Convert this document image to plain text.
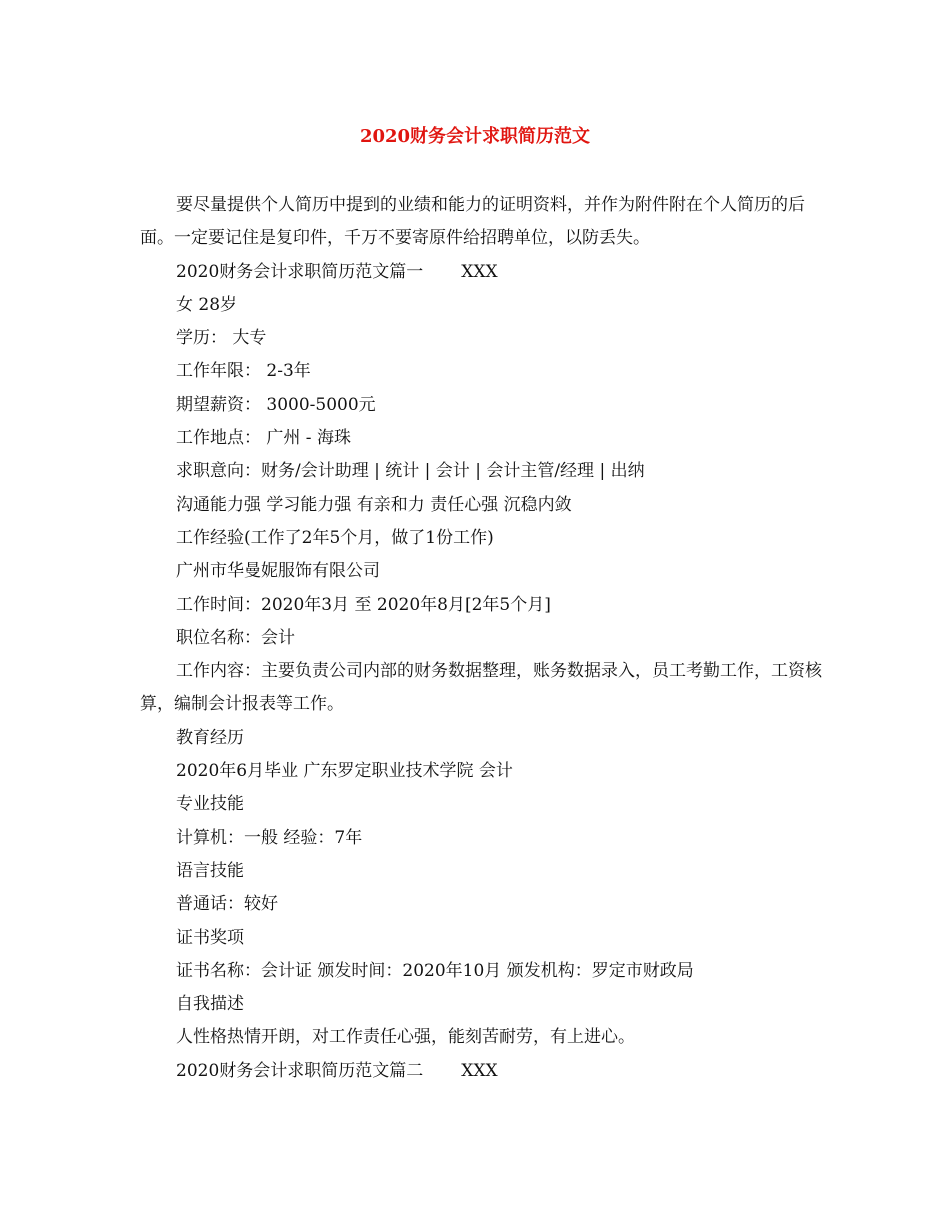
2020财务会计求职简历范文
要尽量提供个人简历中提到的业绩和能力的证明资料，并作为附件附在个人简历的后面。一定要记住是复印件，千万不要寄原件给招聘单位，以防丢失。
2020财务会计求职简历范文篇一 XXX
女 28岁
学历： 大专
工作年限： 2-3年
期望薪资： 3000-5000元
工作地点： 广州 - 海珠
求职意向：财务/会计助理 | 统计 | 会计 | 会计主管/经理 | 出纳
沟通能力强 学习能力强 有亲和力 责任心强 沉稳内敛
工作经验(工作了2年5个月，做了1份工作)
广州市华曼妮服饰有限公司
工作时间：2020年3月 至 2020年8月[2年5个月]
职位名称：会计
工作内容：主要负责公司内部的财务数据整理，账务数据录入，员工考勤工作，工资核算，编制会计报表等工作。
教育经历
2020年6月毕业 广东罗定职业技术学院 会计
专业技能
计算机：一般 经验：7年
语言技能
普通话：较好
证书奖项
证书名称：会计证 颁发时间：2020年10月 颁发机构：罗定市财政局
自我描述
人性格热情开朗，对工作责任心强，能刻苦耐劳，有上进心。
2020财务会计求职简历范文篇二 XXX
